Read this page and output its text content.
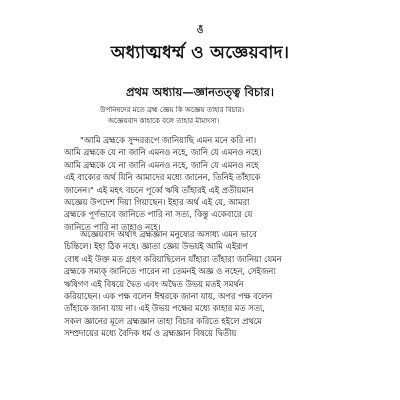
ওঁ
অধ্যাত্মধর্ম্ম ও অজ্ঞেয়বাদ।
প্রথম অধ্যায়—জ্ঞানতত্ত্ব বিচার।
উপনিষদের মতে ব্রহ্ম জ্ঞেয় কি অজ্ঞেয় তাহার বিচার।
অজ্ঞেয়বাদ কাহাকে বলে তাহার মীমাংসা।
"আমি ব্রহ্মকে সুন্দররূপে জানিয়াছি এমন মনে করি না।
আমি ব্রহ্মকে যে না জানি এমনও নহে, জানি যে এমনও নহে।
আমি ব্রহ্মকে যে না জানি এমনও নহে, জানি যে এমনও নহে
এই বাক্যের অর্থ যিনি আমাদের মধ্যে জানেন, তিনিই তাঁহাকে
জানেন।" এই মহৎ বচনে পূর্ব্বে ঋষি তাঁহারই এই প্রতীয়মান
অজ্ঞেয় উপদেশ দিয়া গিয়াছেন। ইহার অর্থ এই যে, আমরা
ব্রহ্মকে পূর্ণভাবে জানিতে পারি না সত্য, কিন্তু একেবারে যে
জানিতে পারি না তাহাও নহে।
অজ্ঞেয়বাদ অর্থাৎ ব্রহ্মজ্ঞান মনুষ্যের অসাধ্য এমন ভাবে
চিন্তিলে। ইহা ঠিক নহে। জ্ঞাতা জ্ঞেয় উভয়ই আমি এইরূপ
বোধ এই উক্ত মত গ্রহণ করিয়াছিলেন যাঁহারা তাঁহারা জানিয়া যেমন
ব্রহ্মকে সম্যক্ জানিতে পারেন না তেমনই অজ্ঞ ও নহেন, সেইজন্য
ঋষিগণ এই বিষয়ে দ্বৈত এবং অদ্বৈত উভয় মতই সমর্থন
করিয়াছেন। এক পক্ষ বলেন ঈশ্বরকে জানা যায়, অপর পক্ষ বলেন
তাঁহাকে জানা যায় না। এই উভয় পক্ষের মধ্যে কাহার মত সত্য,
সকল জ্ঞানের মূলে ব্রহ্মজ্ঞান তাহা বিচার করিতে হইলে প্রথমে
সম্প্রদায়ের মধ্যে বৈদিক ধর্ম ও ব্রহ্মজ্ঞান বিষয়ে দ্বিতীয়
